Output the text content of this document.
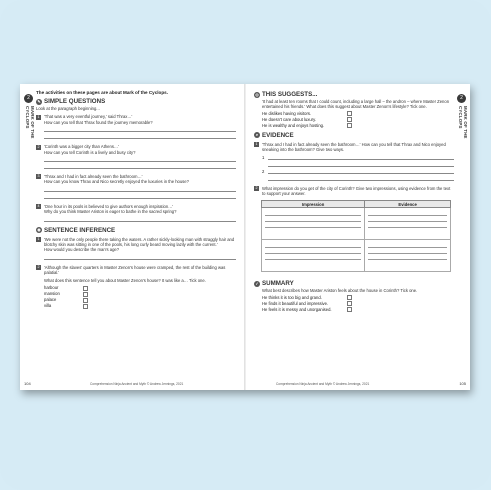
2
MARK OF THE CYCLOPS
The activities on these pages are about Mark of the Cyclops.
✎ SIMPLE QUESTIONS
Look at the paragraph beginning...
1	'That was a very eventful journey,' said Thrax…'
How can you tell that Thrax found the journey memorable?
2	'Corinth was a bigger city than Athens…'
How can you tell Corinth is a lively and busy city?
3	'Thrax and I had in fact already seen the bathroom…'
How can you know Thrax and Nico secretly enjoyed the luxuries in the house?
4	'One hour in its pools is believed to give authors enough inspiration…'
Why do you think Master Ariston is eager to bathe in the sacred spring?
◉ SENTENCE INFERENCE
1	'We were not the only people there taking the waters. A rather sickly-looking man with straggly hair and blotchy skin was sitting in one of the pools, his long curly beard moving lazily with the current.'
How would you describe the man's age?
2	'Although the slaves' quarters in Master Zenon's house were cramped, the rest of the building was palatial.'
What does this sentence tell you about Master Zenon's house? It was like a… Tick one.
harbour
mansion
palace
villa
104	Comprehension Ninja Ancient and Myth © Andrew Jennings, 2021
2
MARK OF THE CYCLOPS
◎ THIS SUGGESTS...
'It had at least ten rooms that I could count, including a large hall – the andron – where Master Zenon entertained his friends.' What does this suggest about Master Zenon's lifestyle? Tick one.
He dislikes having visitors.
He doesn't care about luxury.
He is wealthy and enjoys hosting.
⌕ EVIDENCE
1	'Thrax and I had in fact already seen the bathroom…' How can you tell that Thrax and Nico enjoyed sneaking into the bathroom? Give two ways.
1
2
2	What impression do you get of the city of Corinth? Give two impressions, using evidence from the text to support your answer.
Impression	Evidence

✓ SUMMARY
What best describes how Master Ariston feels about the house in Corinth? Tick one.
He thinks it is too big and grand.
He finds it beautiful and impressive.
He feels it is messy and unorganised.
Comprehension Ninja Ancient and Myth © Andrew Jennings, 2021	105
